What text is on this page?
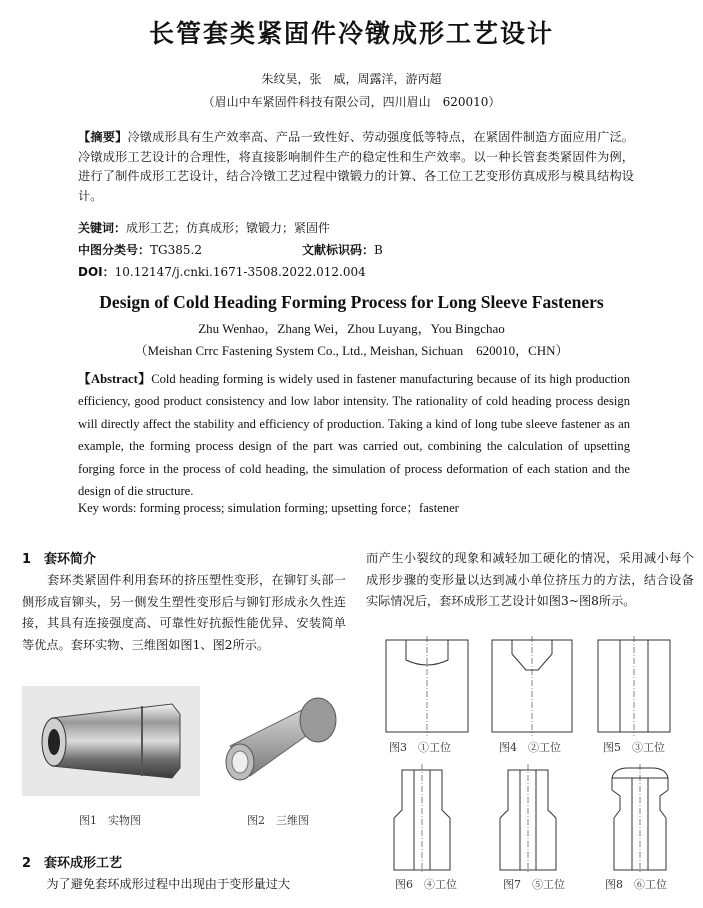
长管套类紧固件冷镦成形工艺设计
朱纹昊，张　威，周露洋，游丙超
（眉山中车紧固件科技有限公司，四川眉山　620010）
【摘要】冷镦成形具有生产效率高、产品一致性好、劳动强度低等特点，在紧固件制造方面应用广泛。冷镦成形工艺设计的合理性，将直接影响制件生产的稳定性和生产效率。以一种长管套类紧固件为例，进行了制件成形工艺设计，结合冷镦工艺过程中镦锻力的计算、各工位工艺变形仿真成形与模具结构设计。
关键词：成形工艺；仿真成形；镦锻力；紧固件
中图分类号：TG385.2	文献标识码：B
DOI：10.12147/j.cnki.1671-3508.2022.012.004
Design of Cold Heading Forming Process for Long Sleeve Fasteners
Zhu Wenhao，Zhang Wei，Zhou Luyang，You Bingchao
（Meishan Crrc Fastening System Co., Ltd., Meishan, Sichuan　620010，CHN）
【Abstract】Cold heading forming is widely used in fastener manufacturing because of its high production efficiency, good product consistency and low labor intensity. The rationality of cold heading process design will directly affect the stability and efficiency of production. Taking a kind of long tube sleeve fastener as an example, the forming process design of the part was carried out, combining the calculation of upsetting forging force in the process of cold heading, the simulation of process deformation of each station and the design of die structure.
Key words: forming process; simulation forming; upsetting force；fastener
1　套环简介
　　套环类紧固件利用套环的挤压塑性变形，在铆钉头部一侧形成盲铆头，另一侧发生塑性变形后与铆钉形成永久性连接，其具有连接强度高、可靠性好抗振性能优异、安装简单等优点。套环实物、三维图如图1、图2所示。
图1　实物图	图2　三维图
2　套环成形工艺
　　为了避免套环成形过程中出现由于变形量过大
而产生小裂纹的现象和减轻加工硬化的情况，采用减小每个成形步骤的变形量以达到减小单位挤压力的方法，结合设备实际情况后，套环成形工艺设计如图3~图8所示。
图3　①工位	图4　②工位	图5　③工位
图6　④工位	图7　⑤工位	图8　⑥工位
